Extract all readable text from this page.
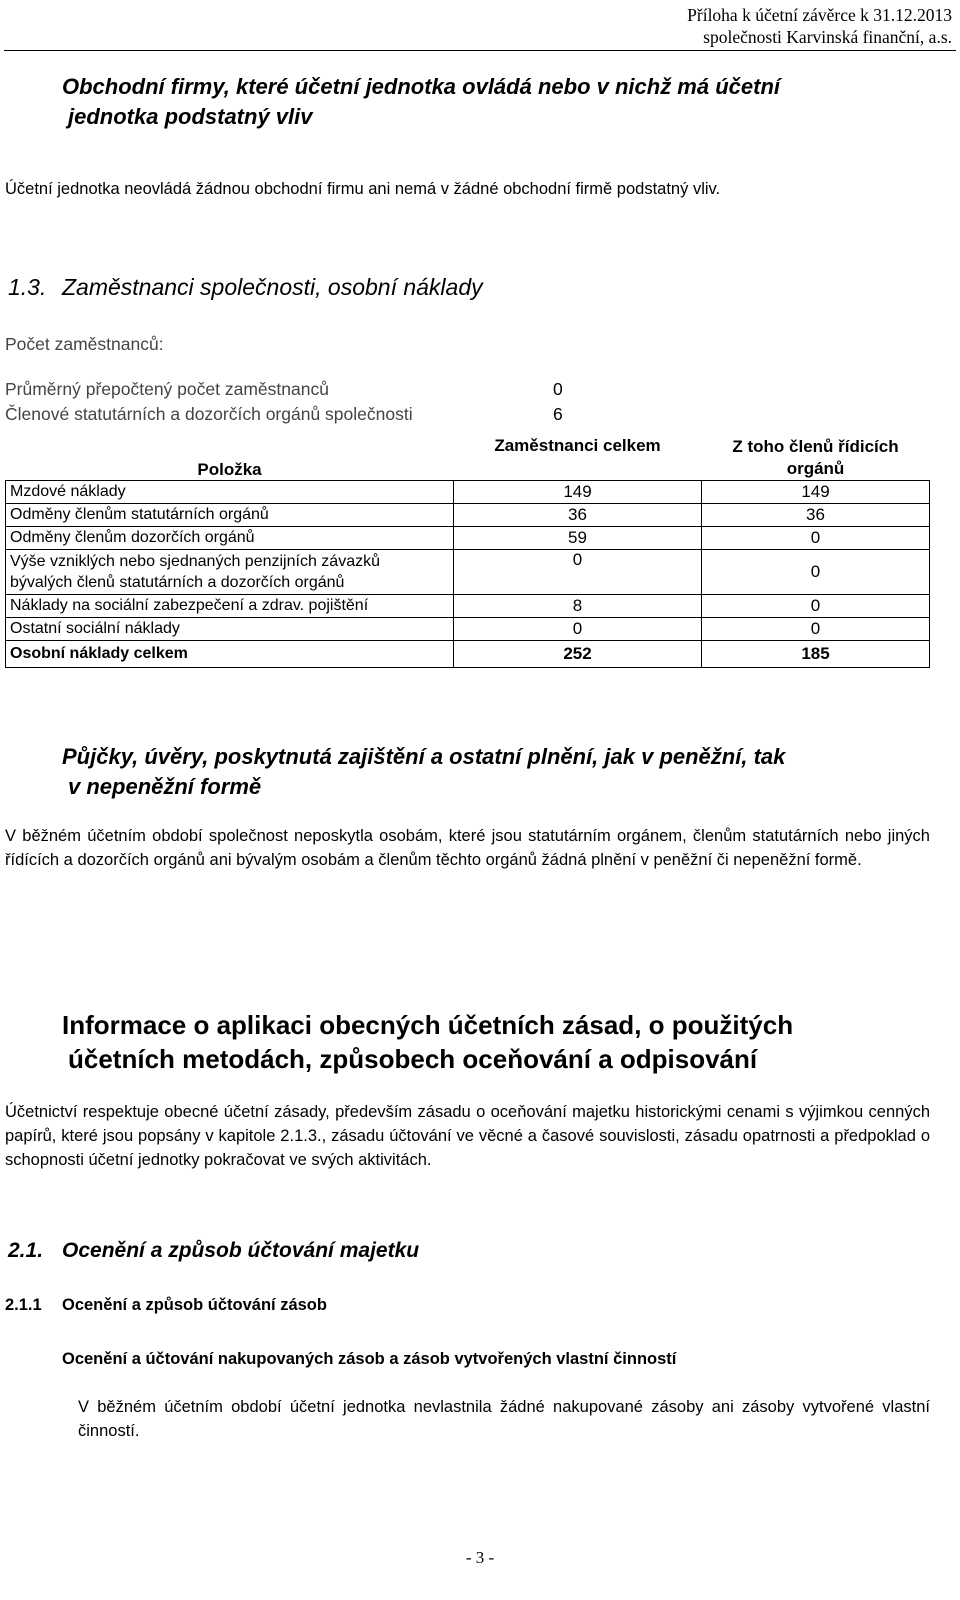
Příloha k účetní závěrce k 31.12.2013
společnosti Karvinská finanční, a.s.
Obchodní firmy, které účetní jednotka ovládá nebo v nichž má účetní
jednotka podstatný vliv
Účetní jednotka neovládá žádnou obchodní firmu ani nemá v žádné obchodní firmě podstatný vliv.
1.3. Zaměstnanci společnosti, osobní náklady
Počet zaměstnanců:
Průměrný přepočtený počet zaměstnanců	0
Členové statutárních a dozorčích orgánů společnosti	6
Položka	Zaměstnanci celkem	Z toho členů řídicích
orgánů
Mzdové náklady	149	149
Odměny členům statutárních orgánů	36	36
Odměny členům dozorčích orgánů	59	0
Výše vzniklých nebo sjednaných penzijních závazků
bývalých členů statutárních a dozorčích orgánů	0	0
Náklady na sociální zabezpečení a zdrav. pojištění	8	0
Ostatní sociální náklady	0	0
Osobní náklady celkem	252	185
Půjčky, úvěry, poskytnutá zajištění a ostatní plnění, jak v peněžní, tak
v nepeněžní formě
V běžném účetním období společnost neposkytla osobám, které jsou statutárním orgánem, členům statutárních nebo jiných řídících a dozorčích orgánů ani bývalým osobám a členům těchto orgánů žádná plnění v peněžní či nepeněžní formě.
Informace o aplikaci obecných účetních zásad, o použitých
účetních metodách, způsobech oceňování a odpisování
Účetnictví respektuje obecné účetní zásady, především zásadu o oceňování majetku historickými cenami s výjimkou cenných papírů, které jsou popsány v kapitole 2.1.3., zásadu účtování ve věcné a časové souvislosti, zásadu opatrnosti a předpoklad o schopnosti účetní jednotky pokračovat ve svých aktivitách.
2.1. Ocenění a způsob účtování majetku
2.1.1 Ocenění a způsob účtování zásob
Ocenění a účtování nakupovaných zásob a zásob vytvořených vlastní činností
V běžném účetním období účetní jednotka nevlastnila žádné nakupované zásoby ani zásoby vytvořené vlastní činností.
- 3 -
